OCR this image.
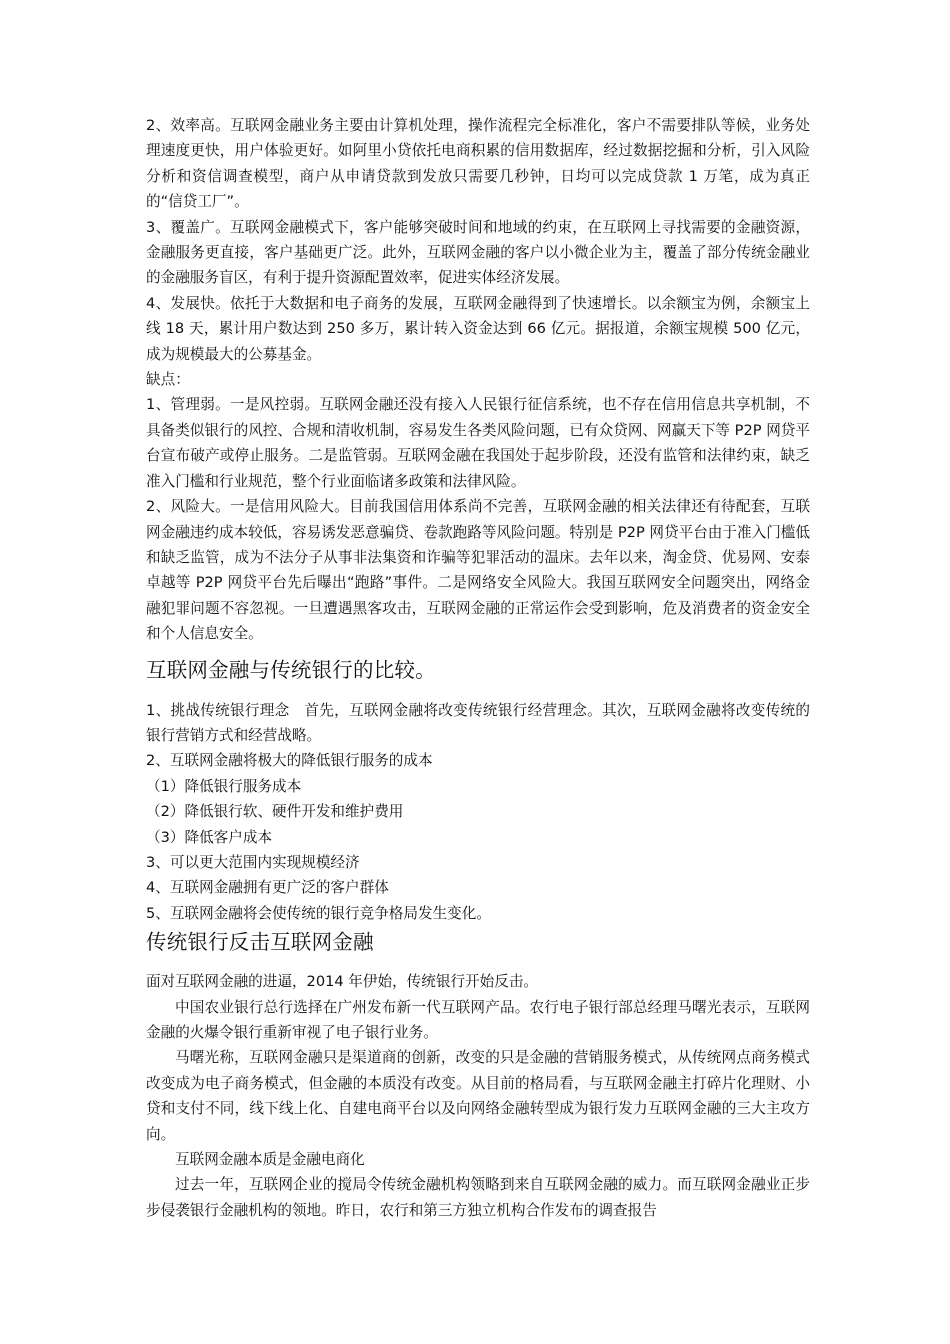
2、效率高。互联网金融业务主要由计算机处理，操作流程完全标准化，客户不需要排队等候，业务处理速度更快，用户体验更好。如阿里小贷依托电商积累的信用数据库，经过数据挖掘和分析，引入风险分析和资信调查模型，商户从申请贷款到发放只需要几秒钟，日均可以完成贷款 1 万笔，成为真正的“信贷工厂”。

3、覆盖广。互联网金融模式下，客户能够突破时间和地域的约束，在互联网上寻找需要的金融资源，金融服务更直接，客户基础更广泛。此外，互联网金融的客户以小微企业为主，覆盖了部分传统金融业的金融服务盲区，有利于提升资源配置效率，促进实体经济发展。

4、发展快。依托于大数据和电子商务的发展，互联网金融得到了快速增长。以余额宝为例，余额宝上线 18 天，累计用户数达到 250 多万，累计转入资金达到 66 亿元。据报道，余额宝规模 500 亿元，成为规模最大的公募基金。

缺点：

1、管理弱。一是风控弱。互联网金融还没有接入人民银行征信系统，也不存在信用信息共享机制，不具备类似银行的风控、合规和清收机制，容易发生各类风险问题，已有众贷网、网赢天下等 P2P 网贷平台宣布破产或停止服务。二是监管弱。互联网金融在我国处于起步阶段，还没有监管和法律约束，缺乏准入门槛和行业规范，整个行业面临诸多政策和法律风险。

2、风险大。一是信用风险大。目前我国信用体系尚不完善，互联网金融的相关法律还有待配套，互联网金融违约成本较低，容易诱发恶意骗贷、卷款跑路等风险问题。特别是 P2P 网贷平台由于准入门槛低和缺乏监管，成为不法分子从事非法集资和诈骗等犯罪活动的温床。去年以来，淘金贷、优易网、安泰卓越等 P2P 网贷平台先后曝出“跑路”事件。二是网络安全风险大。我国互联网安全问题突出，网络金融犯罪问题不容忽视。一旦遭遇黑客攻击，互联网金融的正常运作会受到影响，危及消费者的资金安全和个人信息安全。

互联网金融与传统银行的比较。

1、挑战传统银行理念　首先，互联网金融将改变传统银行经营理念。其次，互联网金融将改变传统的银行营销方式和经营战略。

2、互联网金融将极大的降低银行服务的成本

（1）降低银行服务成本

（2）降低银行软、硬件开发和维护费用

（3）降低客户成本

3、可以更大范围内实现规模经济

4、互联网金融拥有更广泛的客户群体

5、互联网金融将会使传统的银行竞争格局发生变化。

传统银行反击互联网金融

面对互联网金融的进逼，2014 年伊始，传统银行开始反击。

中国农业银行总行选择在广州发布新一代互联网产品。农行电子银行部总经理马曙光表示，互联网金融的火爆令银行重新审视了电子银行业务。

马曙光称，互联网金融只是渠道商的创新，改变的只是金融的营销服务模式，从传统网点商务模式改变成为电子商务模式，但金融的本质没有改变。从目前的格局看，与互联网金融主打碎片化理财、小贷和支付不同，线下线上化、自建电商平台以及向网络金融转型成为银行发力互联网金融的三大主攻方向。

互联网金融本质是金融电商化

过去一年，互联网企业的搅局令传统金融机构领略到来自互联网金融的威力。而互联网金融业正步步侵袭银行金融机构的领地。昨日，农行和第三方独立机构合作发布的调查报告
